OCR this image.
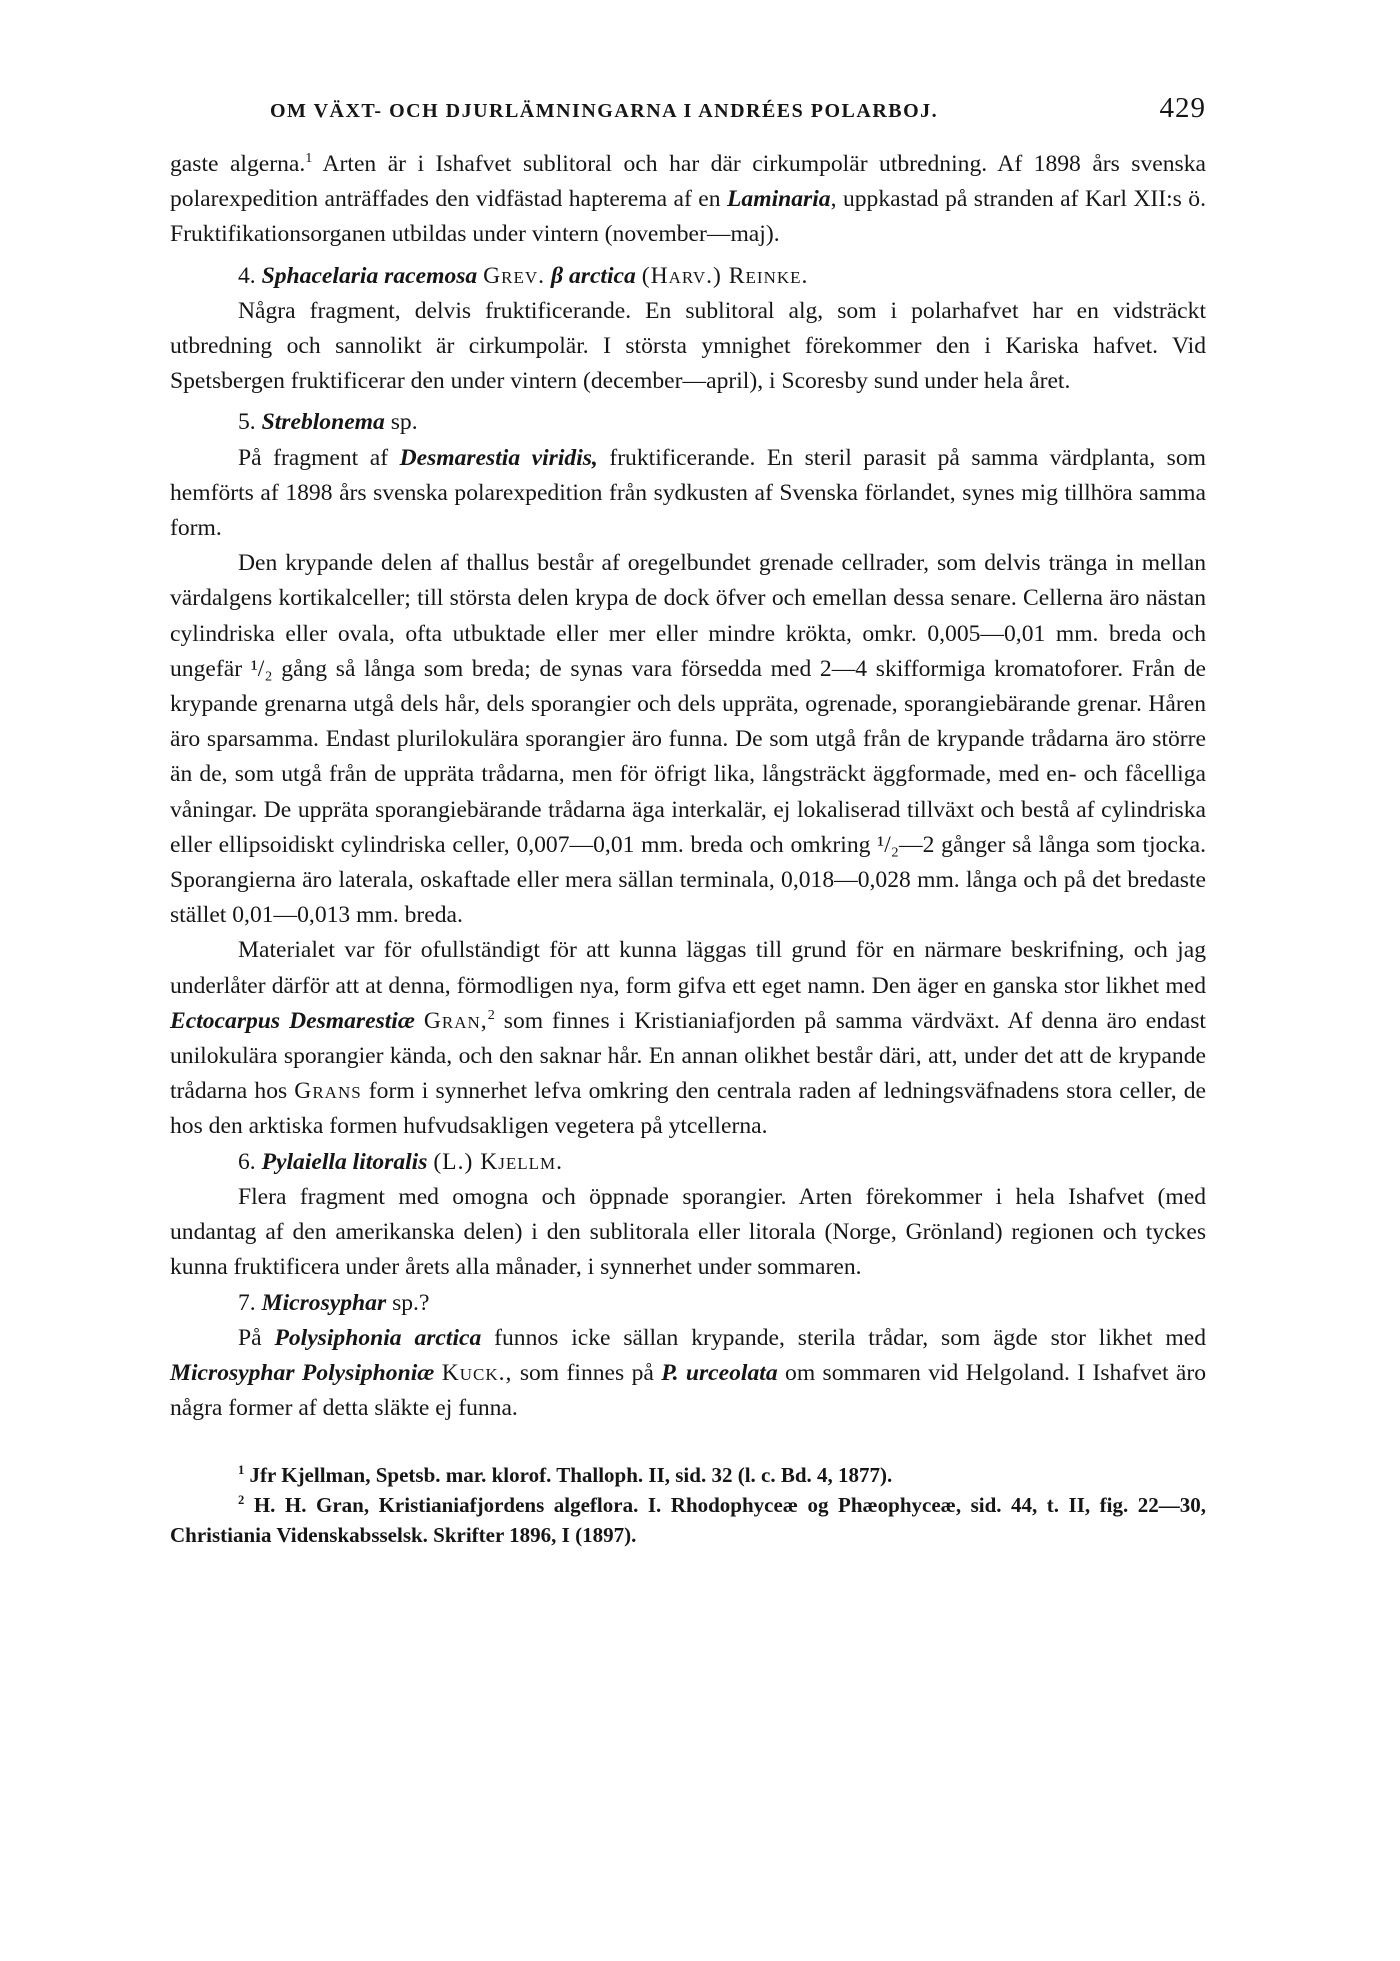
OM VÄXT- OCH DJURLÄMNINGARNA I ANDRÉES POLARBOJ.	429

gaste algerna.$^1$ Arten är i Ishafvet sublitoral och har där cirkumpolär utbredning. Af 1898 års svenska polarexpedition anträffades den vidfästad hapterema af en Laminaria, uppkastad på stranden af Karl XII:s ö. Fruktifikationsorganen utbildas under vintern (november—maj).

4. Sphacelaria racemosa Grev. β arctica (Harv.) Reinke.

Några fragment, delvis fruktificerande. En sublitoral alg, som i polarhafvet har en vidsträckt utbredning och sannolikt är cirkumpolär. I största ymnighet förekommer den i Kariska hafvet. Vid Spetsbergen fruktificerar den under vintern (december—april), i Scoresby sund under hela året.

5. Streblonema sp.

På fragment af Desmarestia viridis, fruktificerande. En steril parasit på samma värdplanta, som hemförts af 1898 års svenska polarexpedition från sydkusten af Svenska förlandet, synes mig tillhöra samma form.

Den krypande delen af thallus består af oregelbundet grenade cellrader, som delvis tränga in mellan värdalgens kortikalceller; till största delen krypa de dock öfver och emellan dessa senare. Cellerna äro nästan cylindriska eller ovala, ofta utbuktade eller mer eller mindre krökta, omkr. 0,005—0,01 mm. breda och ungefär ¹/₂ gång så långa som breda; de synas vara försedda med 2—4 skifformiga kromatoforer. Från de krypande grenarna utgå dels hår, dels sporangier och dels uppräta, ogrenade, sporangiebärande grenar. Håren äro sparsamma. Endast plurilokulära sporangier äro funna. De som utgå från de krypande trådarna äro större än de, som utgå från de uppräta trådarna, men för öfrigt lika, långsträckt äggformade, med en- och fåcelliga våningar. De uppräta sporangiebärande trådarna äga interkalär, ej lokaliserad tillväxt och bestå af cylindriska eller ellipsoidiskt cylindriska celler, 0,007—0,01 mm. breda och omkring ¹/₂—2 gånger så långa som tjocka. Sporangierna äro laterala, oskaftade eller mera sällan terminala, 0,018—0,028 mm. långa och på det bredaste stället 0,01—0,013 mm. breda.

Materialet var för ofullständigt för att kunna läggas till grund för en närmare beskrifning, och jag underlåter därför att at denna, förmodligen nya, form gifva ett eget namn. Den äger en ganska stor likhet med Ectocarpus Desmarestiæ Gran,$^2$ som finnes i Kristianiafjorden på samma värdväxt. Af denna äro endast unilokulära sporangier kända, och den saknar hår. En annan olikhet består däri, att, under det att de krypande trådarna hos Grans form i synnerhet lefva omkring den centrala raden af ledningsväfnadens stora celler, de hos den arktiska formen hufvudsakligen vegetera på ytcellerna.

6. Pylaiella litoralis (L.) Kjellm.

Flera fragment med omogna och öppnade sporangier. Arten förekommer i hela Ishafvet (med undantag af den amerikanska delen) i den sublitorala eller litorala (Norge, Grönland) regionen och tyckes kunna fruktificera under årets alla månader, i synnerhet under sommaren.

7. Microsyphar sp.?

På Polysiphonia arctica funnos icke sällan krypande, sterila trådar, som ägde stor likhet med Microsyphar Polysiphoniæ Kuck., som finnes på P. urceolata om sommaren vid Helgoland. I Ishafvet äro några former af detta släkte ej funna.

$^1$ Jfr Kjellman, Spetsb. mar. klorof. Thalloph. II, sid. 32 (l. c. Bd. 4, 1877).

$^2$ H. H. Gran, Kristianiafjordens algeflora. I. Rhodophyceæ og Phæophyceæ, sid. 44, t. II, fig. 22—30, Christiania Videnskabsselsk. Skrifter 1896, I (1897).
